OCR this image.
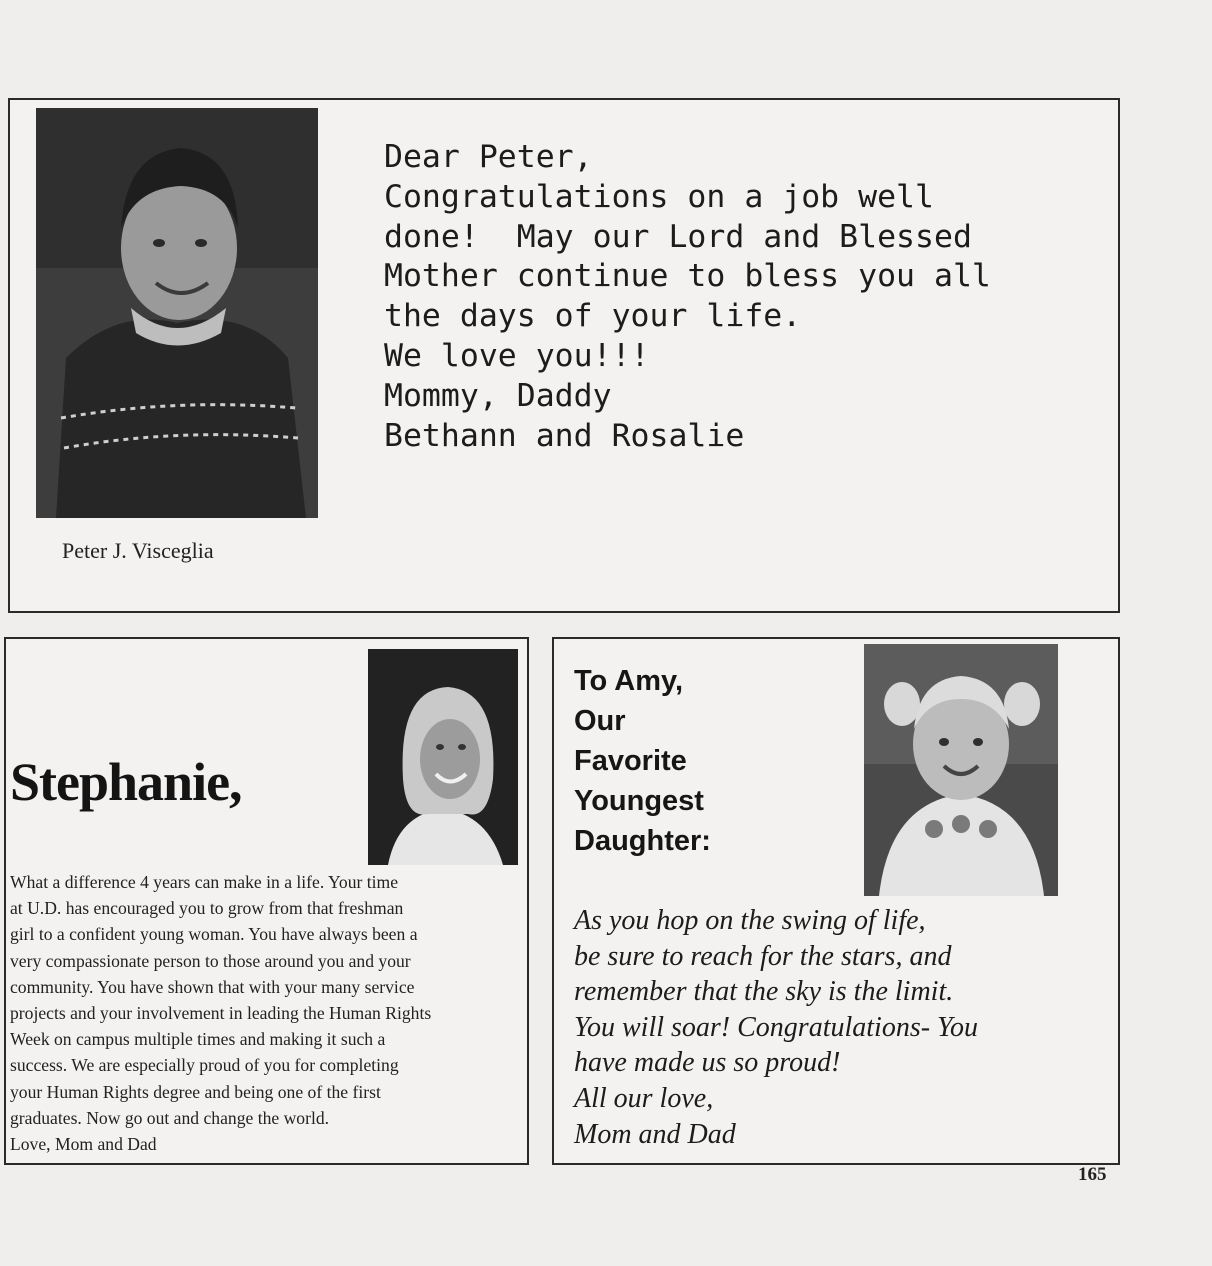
Peter J. Visceglia
Dear Peter,
Congratulations on a job well
done!  May our Lord and Blessed
Mother continue to bless you all
the days of your life.
We love you!!!
Mommy, Daddy
Bethann and Rosalie
Stephanie,
What a difference 4 years can make in a life. Your time
at U.D. has encouraged you to grow from that freshman
girl to a confident young woman. You have always been a
very compassionate person to those around you and your
community. You have shown that with your many service
projects and your involvement in leading the Human Rights
Week on campus multiple times and making it such a
success. We are especially proud of you for completing
your Human Rights degree and being one of the first
graduates. Now go out and change the world.
Love, Mom and Dad
To Amy,
Our
Favorite
Youngest
Daughter:
As you hop on the swing of life,
be sure to reach for the stars, and
remember that the sky is the limit.
You will soar! Congratulations- You
have made us so proud!
All our love,
Mom and Dad
165
